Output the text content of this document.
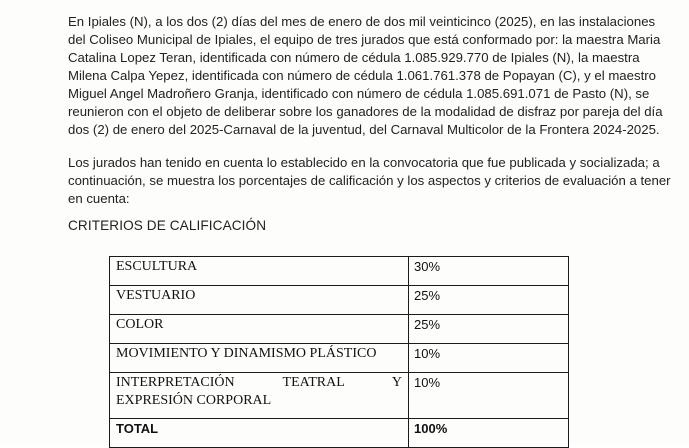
En Ipiales (N), a los dos (2) días del mes de enero de dos mil veinticinco (2025), en las instalaciones
del Coliseo Municipal de Ipiales, el equipo de tres jurados que está conformado por: la maestra Maria
Catalina Lopez Teran, identificada con número de cédula 1.085.929.770 de Ipiales (N), la maestra
Milena Calpa Yepez, identificada con número de cédula 1.061.761.378 de Popayan (C), y el maestro
Miguel Angel Madroñero Granja, identificado con número de cédula 1.085.691.071 de Pasto (N), se
reunieron con el objeto de deliberar sobre los ganadores de la modalidad de disfraz por pareja del día
dos (2) de enero del 2025-Carnaval de la juventud, del Carnaval Multicolor de la Frontera 2024-2025.

Los jurados han tenido en cuenta lo establecido en la convocatoria que fue publicada y socializada; a
continuación, se muestra los porcentajes de calificación y los aspectos y criterios de evaluación a tener
en cuenta:

CRITERIOS DE CALIFICACIÓN

ESCULTURA	30%
VESTUARIO	25%
COLOR	25%
MOVIMIENTO Y DINAMISMO PLÁSTICO	10%

INTERPRETACIÓN TEATRAL Y
EXPRESIÓN CORPORAL	10%
TOTAL	100%
